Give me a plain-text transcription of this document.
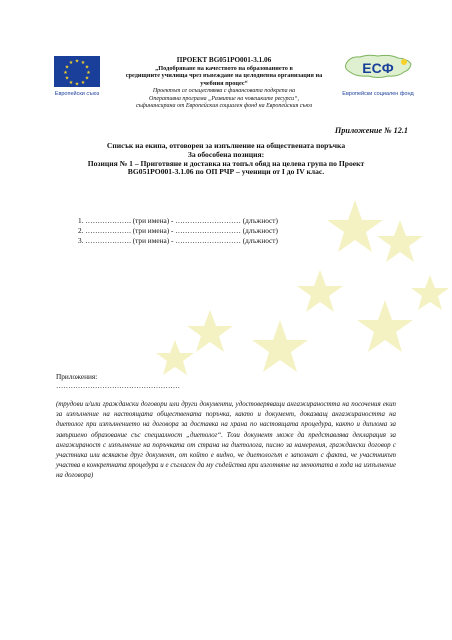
★ ★
★
★
★
★
★
★
★
★
★
★
Европейски съюз
ПРОЕКТ BG051PO001-3.1.06
„Подобряване на качеството на образованието в
средищните училища чрез въвеждане на целодневна организация на
учебния процес“
Проектът се осъществява с финансовата подкрепа на
Оперативна програма „Развитие на човешките ресурси“,
съфинансирана от Европейския социален фонд на Европейския съюз
ЕСФ
Европейски социален фонд
Приложение № 12.1
Списък на екипа, отговорен за изпълнение на обществената поръчка
За обособена позиция:
Позиция № 1 – Приготвяне и доставка на топъл обяд на целева група по Проект
BG051PO001-3.1.06 по ОП РЧР – ученици от I до IV клас.
1. ………………. (три имена) - ……………………… (длъжност)
2. ………………. (три имена) - ……………………… (длъжност)
3. ………………. (три имена) - ……………………… (длъжност)
Приложения:
……………………………………………
(трудови и/или граждански договори или други документи, удостоверяващи ангажираността на посочения екип за изпълнение на настоящата обществената поръчка, както и документ, доказващ ангажираността на диетолог при изпълнението на договора за доставка на храна по настоящата процедура, както и диплома за завършено образование със специалност „диетолог“. Този документ може да представлява декларация за ангажираност с изпълнение на поръчката от страна на диетолога, писмо за намерения, граждански договор с участника или всякакъв друг документ, от който е видно, че диетологът е запознат с факта, че участникът участва в конкретната процедура и е съгласен да му съдейства при изготвяне на менютата в хода на изпълнение на договора)
